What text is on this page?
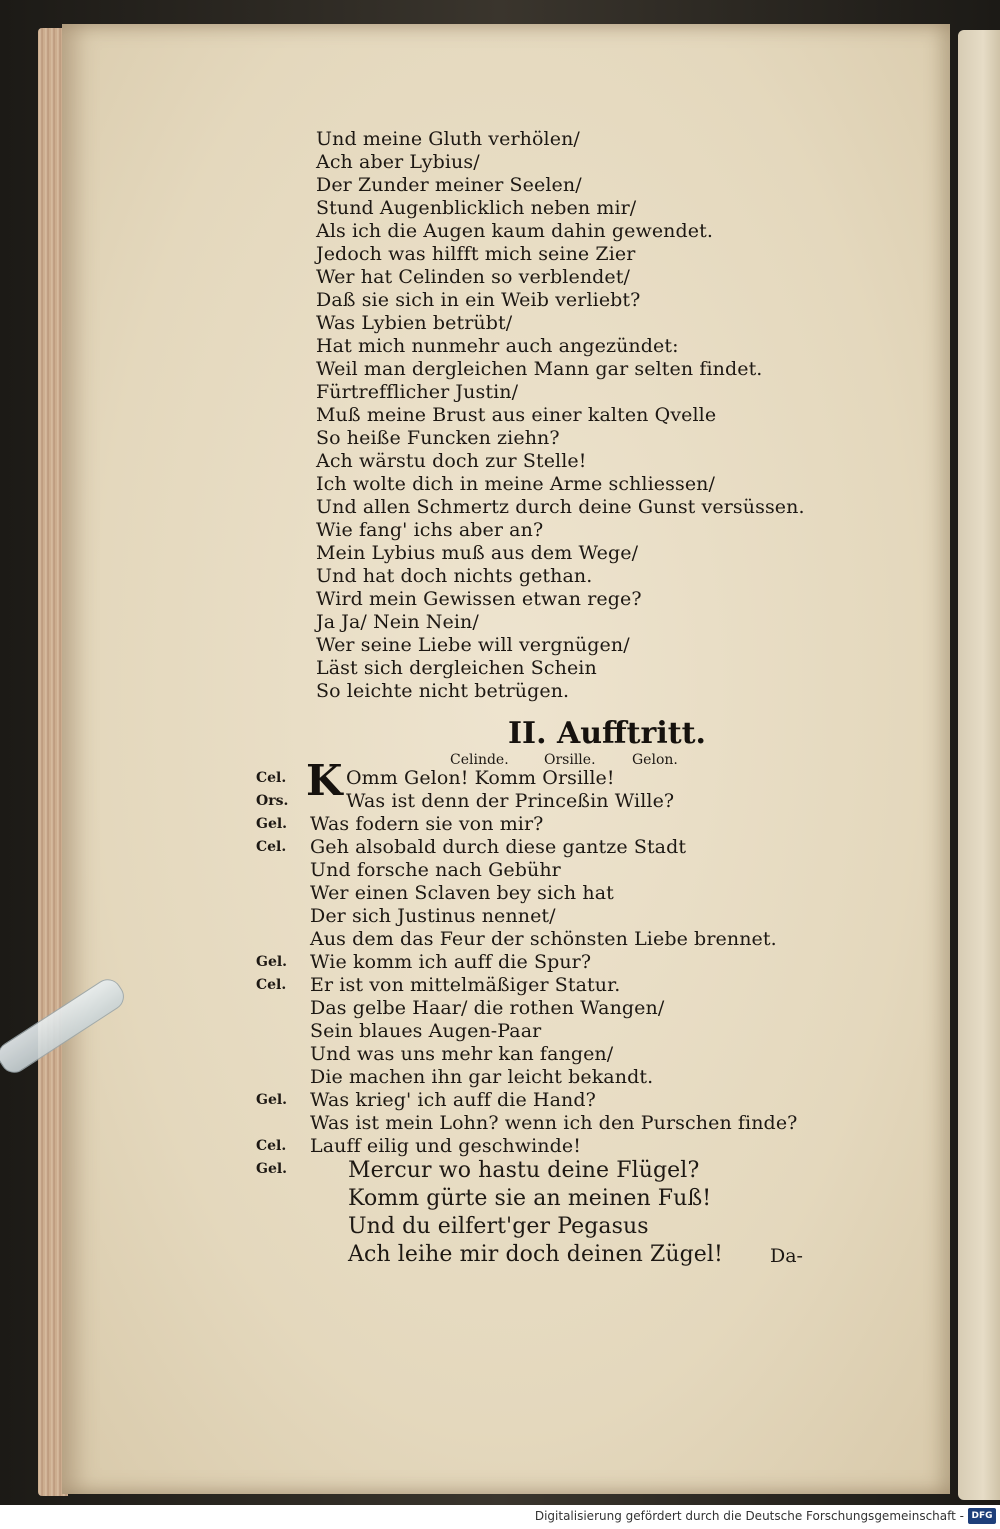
Und meine Gluth verhölen/
Ach aber Lybius/
Der Zunder meiner Seelen/
Stund Augenblicklich neben mir/
Als ich die Augen kaum dahin gewendet.
Jedoch was hilfft mich seine Zier
Wer hat Celinden so verblendet/
Daß sie sich in ein Weib verliebt?
Was Lybien betrübt/
Hat mich nunmehr auch angezündet:
Weil man dergleichen Mann gar selten findet.
Fürtrefflicher Justin/
Muß meine Brust aus einer kalten Qvelle
So heiße Funcken ziehn?
Ach wärstu doch zur Stelle!
Ich wolte dich in meine Arme schliessen/
Und allen Schmertz durch deine Gunst versüssen.
Wie fang' ichs aber an?
Mein Lybius muß aus dem Wege/
Und hat doch nichts gethan.
Wird mein Gewissen etwan rege?
Ja Ja/ Nein Nein/
Wer seine Liebe will vergnügen/
Läst sich dergleichen Schein
So leichte nicht betrügen.
II. Aufftritt.
Celinde.	Orsille.	Gelon.
K
Cel.	Omm Gelon! Komm Orsille!
Ors.	Was ist denn der Princeßin Wille?
Gel. Was fodern sie von mir?
Cel. Geh alsobald durch diese gantze Stadt
Und forsche nach Gebühr
Wer einen Sclaven bey sich hat
Der sich Justinus nennet/
Aus dem das Feur der schönsten Liebe brennet.
Gel. Wie komm ich auff die Spur?
Cel. Er ist von mittelmäßiger Statur.
Das gelbe Haar/ die rothen Wangen/
Sein blaues Augen-Paar
Und was uns mehr kan fangen/
Die machen ihn gar leicht bekandt.
Gel. Was krieg' ich auff die Hand?
Was ist mein Lohn? wenn ich den Purschen finde?
Cel. Lauff eilig und geschwinde!
Gel.	Mercur wo hastu deine Flügel?
Komm gürte sie an meinen Fuß!
Und du eilfert'ger Pegasus
Ach leihe mir doch deinen Zügel! Da-
Digitalisierung gefördert durch die Deutsche Forschungsgemeinschaft - DFG
